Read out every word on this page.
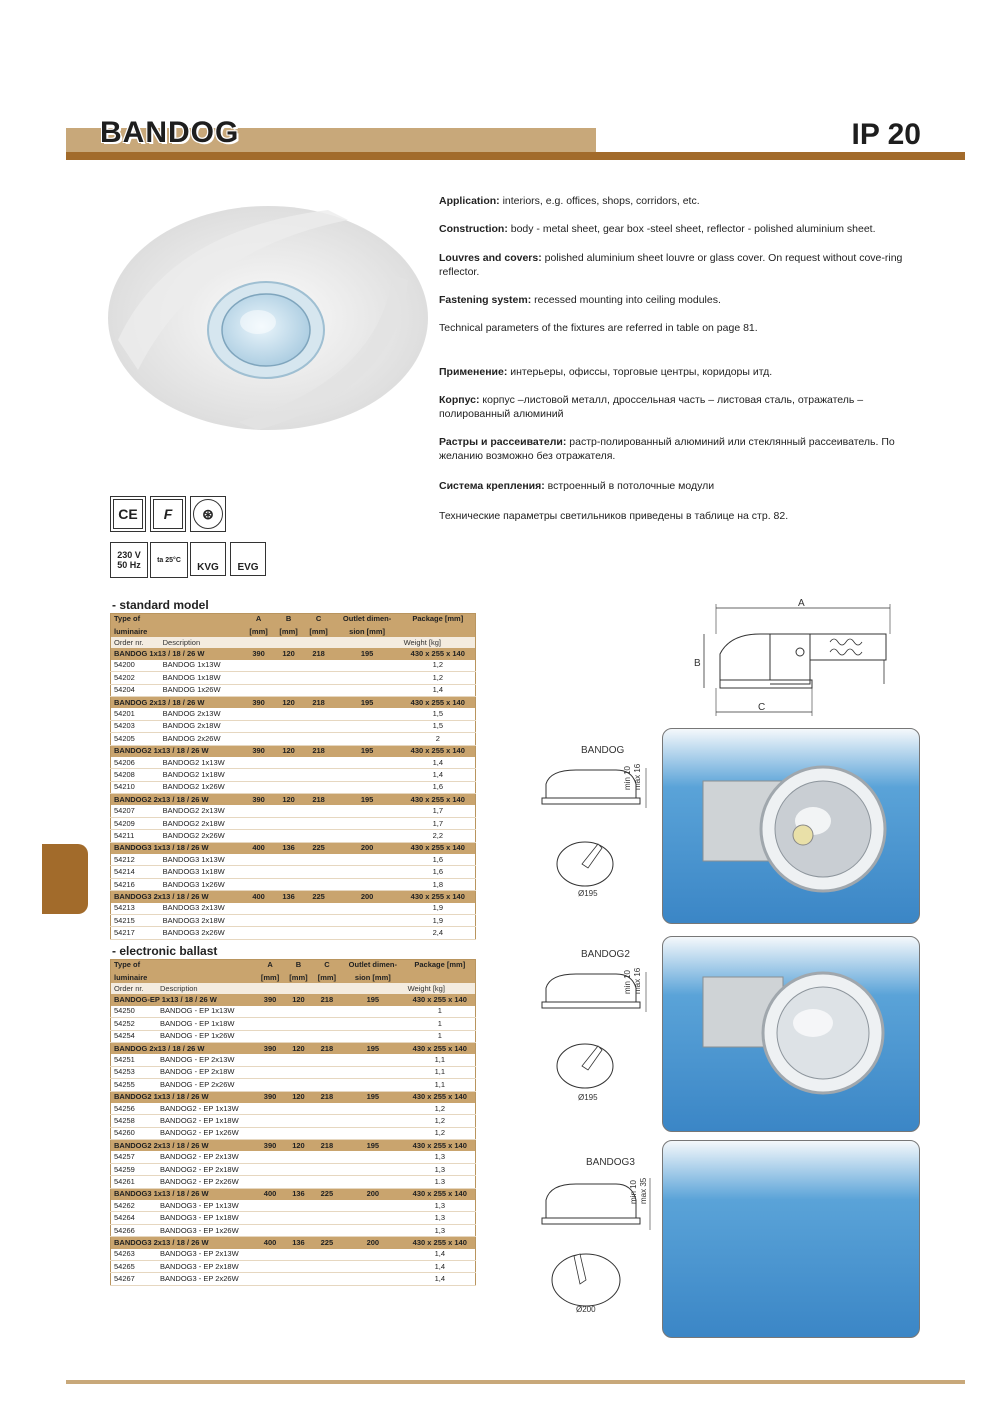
BANDOG	IP 20
Application: interiors, e.g. offices, shops, corridors, etc.
Construction: body - metal sheet, gear box -steel sheet, reflector - polished aluminium sheet.
Louvres and covers: polished aluminium sheet louvre or glass cover. On request without cove-ring reflector.
Fastening system: recessed mounting into ceiling modules.
Technical parameters of the fixtures are referred in table on page 81.
Применение: интерьеры, офиссы, торговые центры, коридоры итд.
Корпус: корпус –листовой металл, дроссельная часть – листовая сталь, отражатель – полированный алюминий
Растры и рассеиватели: растр-полированный алюминий или стеклянный рассеиватель. По желанию возможно без отражателя.
Система крепления: встроенный в потолочные модули
Технические параметры светильников приведены в таблице на стр. 82.
CE	F	⊛
230 V
50 Hz	ta 25°C
KVG	EVG
- standard model
Type of		A	B	C	Outlet dimen-	Package [mm]
luminaire		[mm]	[mm]	[mm]	sion [mm]	
Order nr.	Description					Weight [kg]
BANDOG 1x13 / 18 / 26 W		390	120	218	195	430 x 255 x 140
54200	BANDOG 1x13W					1,2
54202	BANDOG 1x18W					1,2
54204	BANDOG 1x26W					1,4
BANDOG 2x13 / 18 / 26 W		390	120	218	195	430 x 255 x 140
54201	BANDOG 2x13W					1,5
54203	BANDOG 2x18W					1,5
54205	BANDOG 2x26W					2
BANDOG2 1x13 / 18 / 26 W		390	120	218	195	430 x 255 x 140
54206	BANDOG2 1x13W					1,4
54208	BANDOG2 1x18W					1,4
54210	BANDOG2 1x26W					1,6
BANDOG2 2x13 / 18 / 26 W		390	120	218	195	430 x 255 x 140
54207	BANDOG2 2x13W					1,7
54209	BANDOG2 2x18W					1,7
54211	BANDOG2 2x26W					2,2
BANDOG3 1x13 / 18 / 26 W		400	136	225	200	430 x 255 x 140
54212	BANDOG3 1x13W					1,6
54214	BANDOG3 1x18W					1,6
54216	BANDOG3 1x26W					1,8
BANDOG3 2x13 / 18 / 26 W		400	136	225	200	430 x 255 x 140
54213	BANDOG3 2x13W					1,9
54215	BANDOG3 2x18W					1,9
54217	BANDOG3 2x26W					2,4
- electronic ballast
Type of		A	B	C	Outlet dimen-	Package [mm]
luminaire		[mm]	[mm]	[mm]	sion [mm]	
Order nr.	Description					Weight [kg]
BANDOG-EP 1x13 / 18 / 26 W		390	120	218	195	430 x 255 x 140
54250	BANDOG - EP 1x13W					1
54252	BANDOG - EP 1x18W					1
54254	BANDOG - EP 1x26W					1
BANDOG 2x13 / 18 / 26 W		390	120	218	195	430 x 255 x 140
54251	BANDOG - EP 2x13W					1,1
54253	BANDOG - EP 2x18W					1,1
54255	BANDOG - EP 2x26W					1,1
BANDOG2 1x13 / 18 / 26 W		390	120	218	195	430 x 255 x 140
54256	BANDOG2 - EP 1x13W					1,2
54258	BANDOG2 - EP 1x18W					1,2
54260	BANDOG2 - EP 1x26W					1,2
BANDOG2 2x13 / 18 / 26 W		390	120	218	195	430 x 255 x 140
54257	BANDOG2 - EP 2x13W					1,3
54259	BANDOG2 - EP 2x18W					1,3
54261	BANDOG2 - EP 2x26W					1.3
BANDOG3 1x13 / 18 / 26 W		400	136	225	200	430 x 255 x 140
54262	BANDOG3 - EP 1x13W					1,3
54264	BANDOG3 - EP 1x18W					1,3
54266	BANDOG3 - EP 1x26W					1,3
BANDOG3 2x13 / 18 / 26 W		400	136	225	200	430 x 255 x 140
54263	BANDOG3 - EP 2x13W					1,4
54265	BANDOG3 - EP 2x18W					1,4
54267	BANDOG3 - EP 2x26W					1,4
A
B
C
BANDOG
BANDOG2
BANDOG3
min 10 max 16
Ø195
min 10 max 16
Ø195
min 10 max 35
Ø200
